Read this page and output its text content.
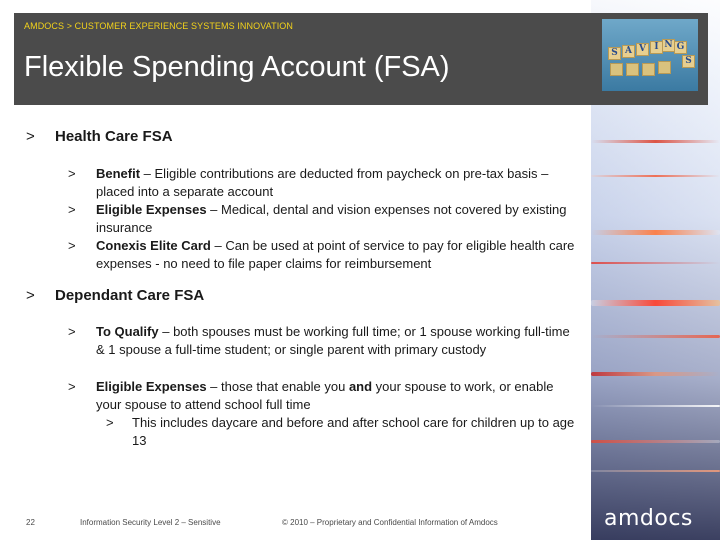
AMDOCS > CUSTOMER EXPERIENCE SYSTEMS INNOVATION
Flexible Spending Account (FSA)	S A V I N G
S
> Health Care FSA
> Benefit – Eligible contributions are deducted from paycheck on pre-tax basis – placed into a separate account
> Eligible Expenses – Medical, dental and vision expenses not covered by existing insurance
> Conexis Elite Card – Can be used at point of service to pay for eligible health care expenses - no need to file paper claims for reimbursement
> Dependant Care FSA
> To Qualify – both spouses must be working full time; or 1 spouse working full-time & 1 spouse a full-time student; or single parent with primary custody
> Eligible Expenses – those that enable you and your spouse to work, or enable your spouse to attend school full time
> This includes daycare and before and after school care for children up to age 13
22	Information Security Level 2 – Sensitive	© 2010 – Proprietary and Confidential Information of Amdocs	amdocs
